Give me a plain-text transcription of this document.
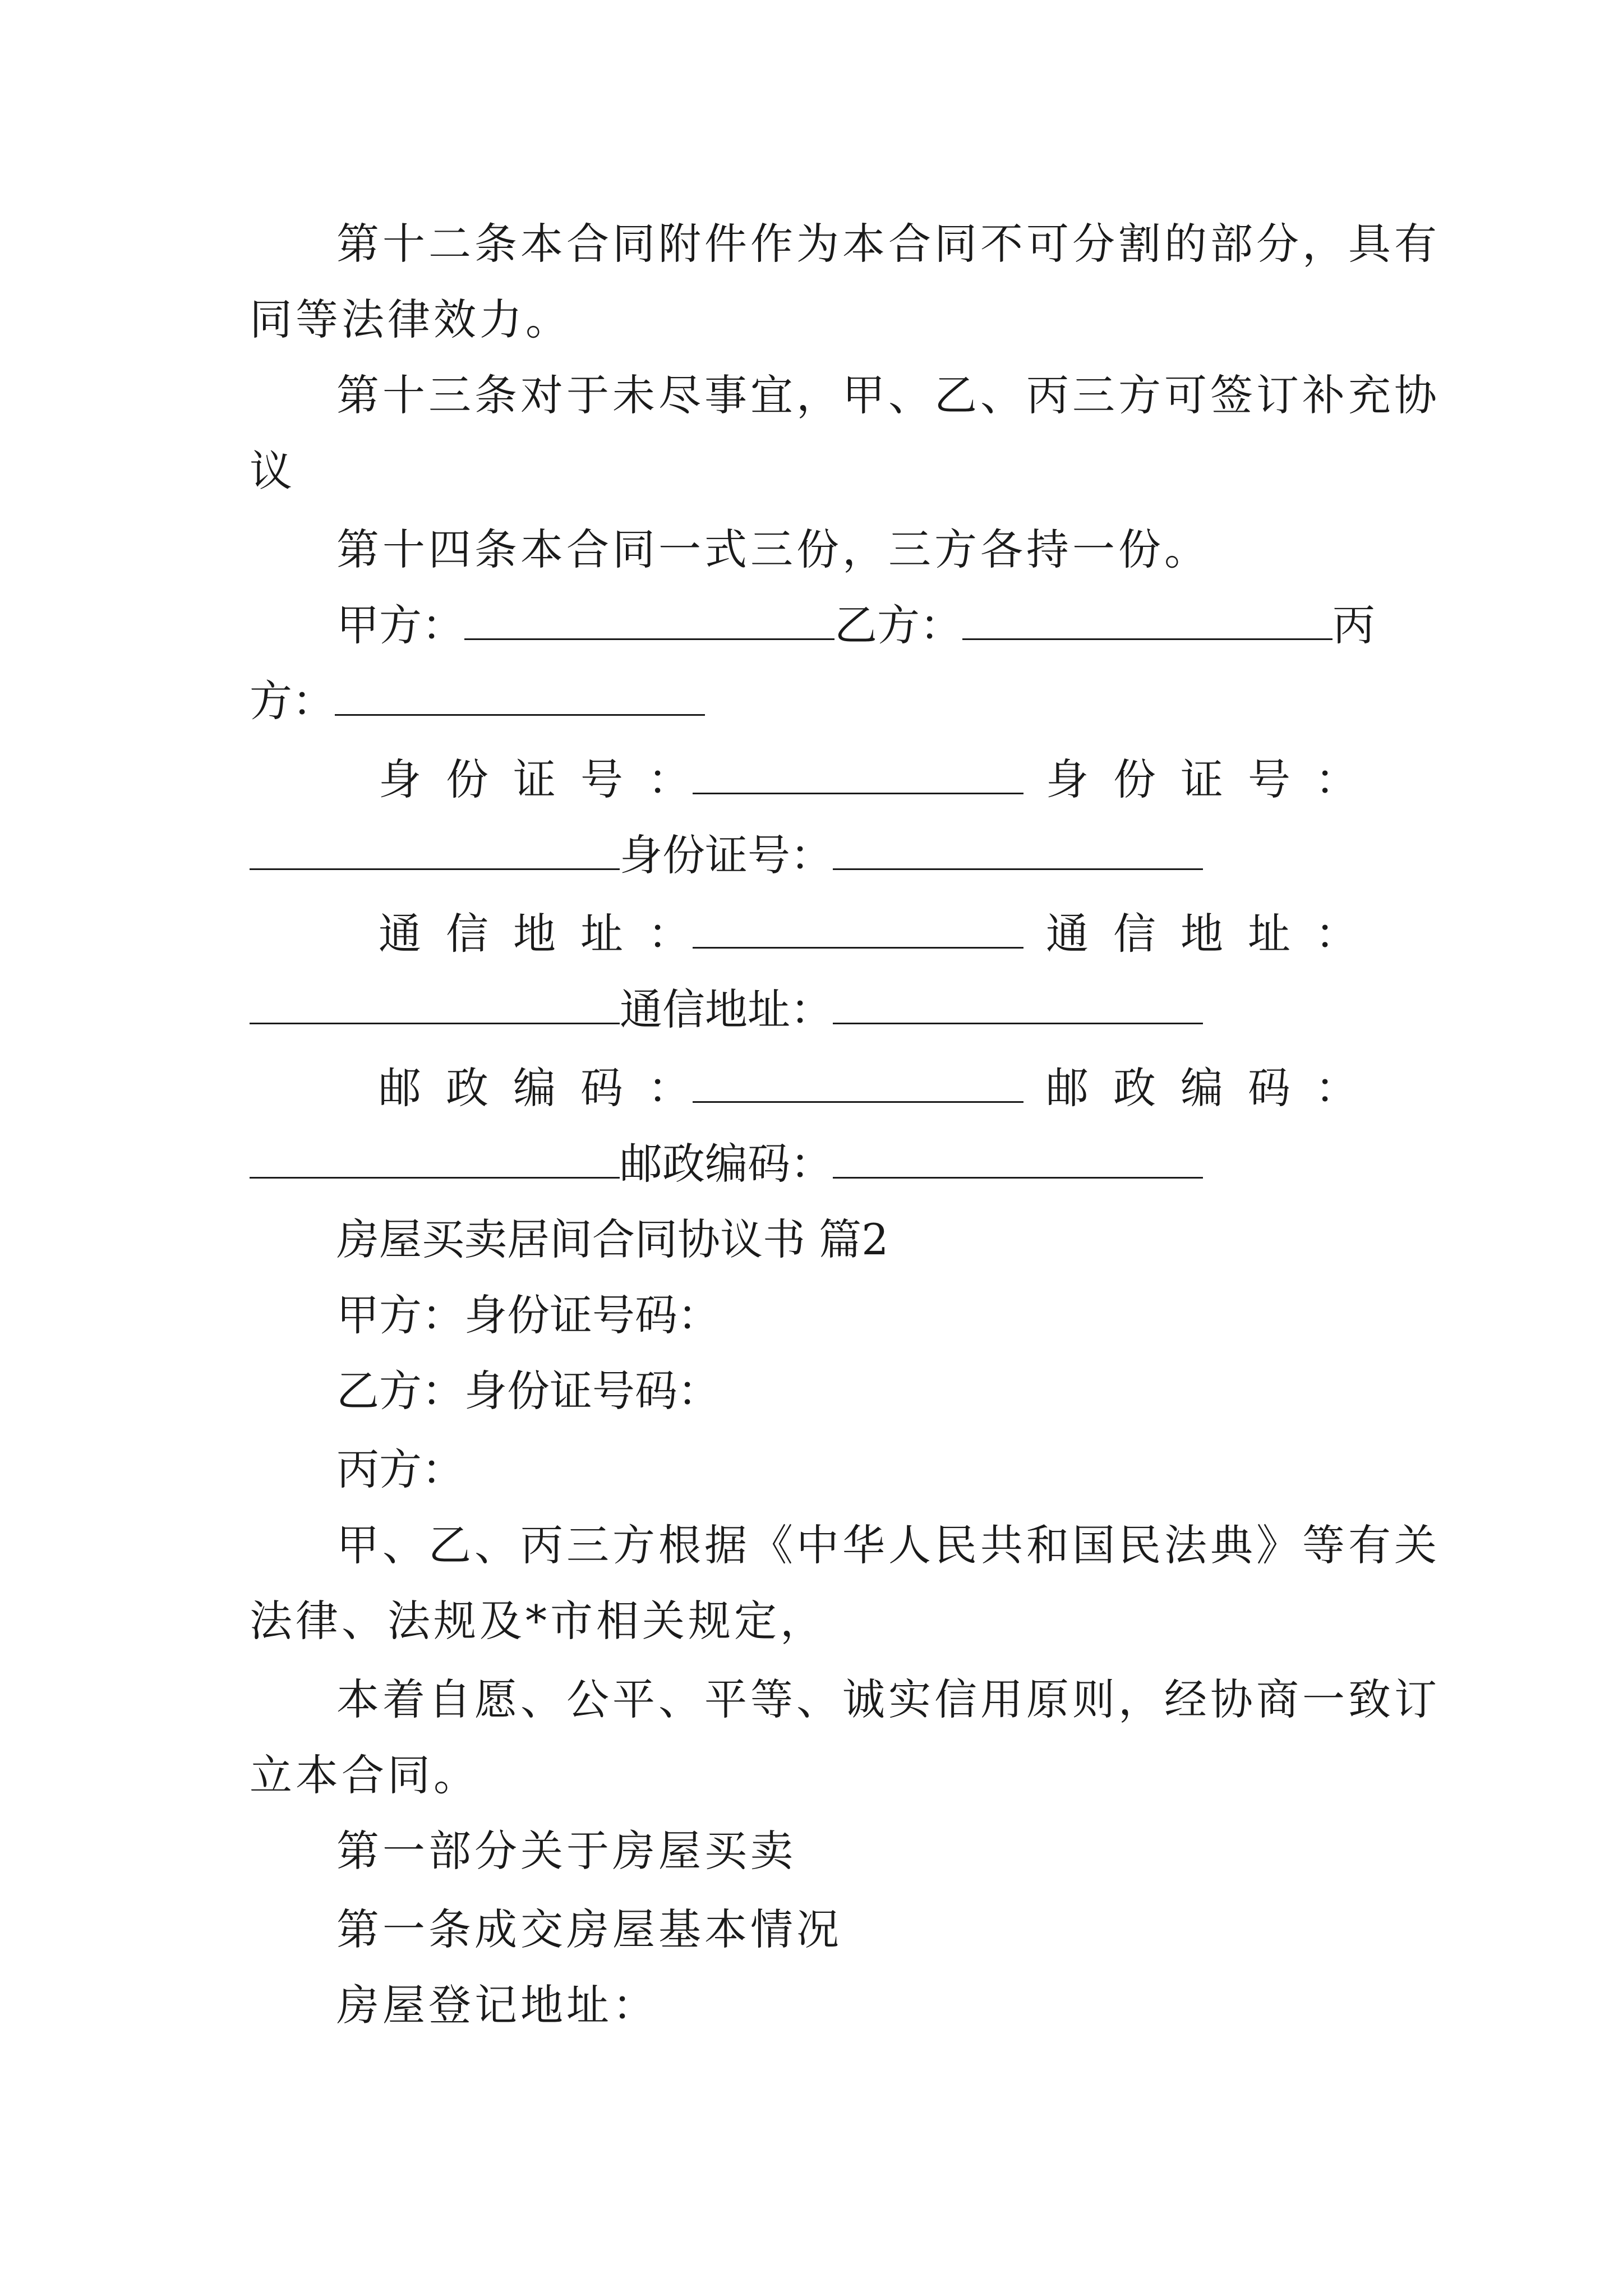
第十二条本合同附件作为本合同不可分割的部分，具有
同等法律效力。
第十三条对于未尽事宜，甲、乙、丙三方可签订补充协
议
第十四条本合同一式三份，三方各持一份。
甲方：	乙方：	丙
方：
身份证号：	身份证号：
身份证号：
通信地址：	通信地址：
通信地址：
邮政编码：	邮政编码：
邮政编码：
房屋买卖居间合同协议书 篇2
甲方：身份证号码：
乙方：身份证号码：
丙方：
甲、乙、丙三方根据《中华人民共和国民法典》等有关
法律、法规及*市相关规定，
本着自愿、公平、平等、诚实信用原则，经协商一致订
立本合同。
第一部分关于房屋买卖
第一条成交房屋基本情况
房屋登记地址：
